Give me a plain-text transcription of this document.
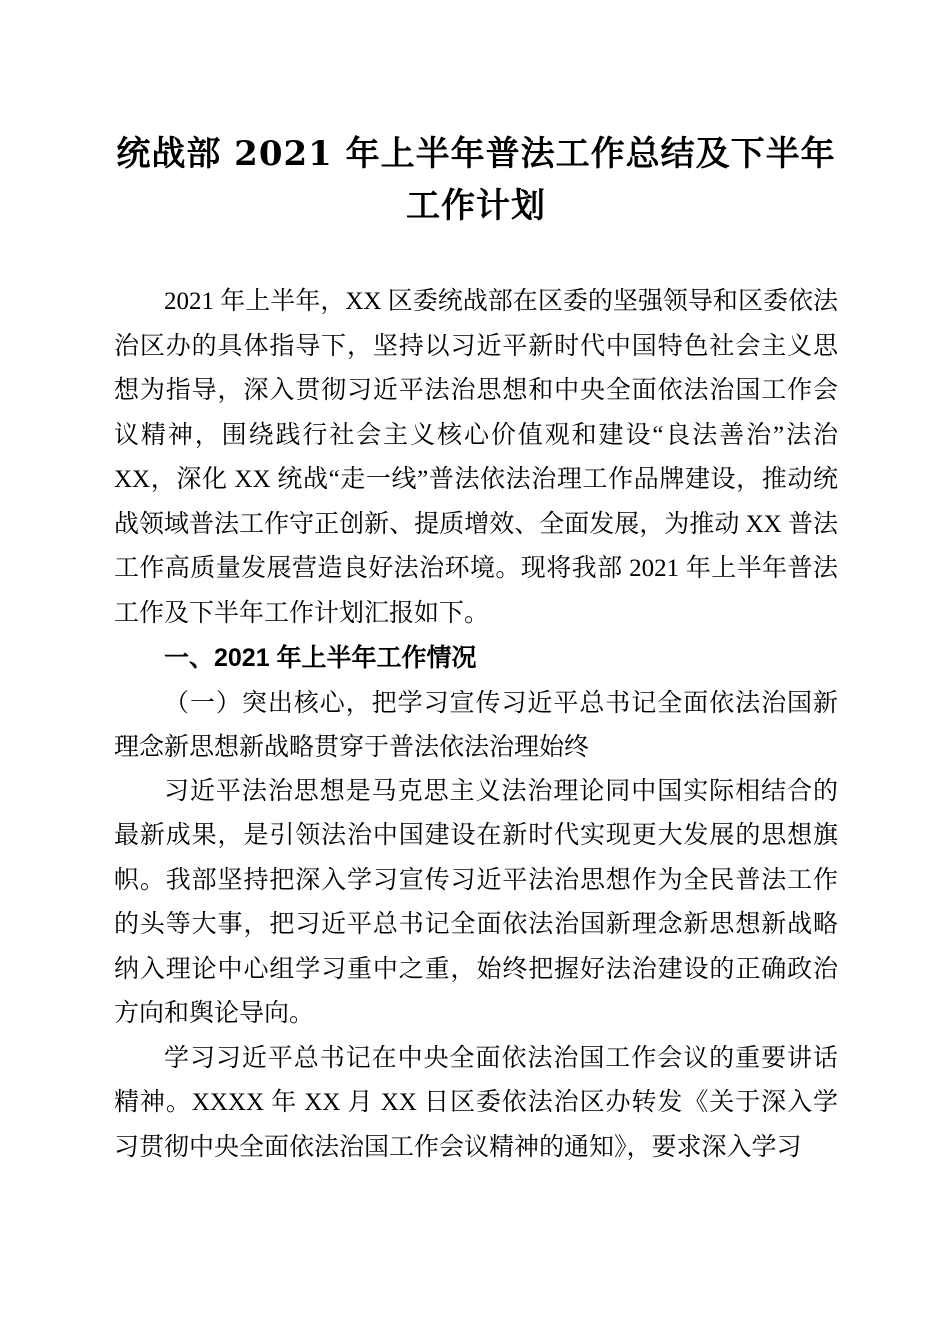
统战部 2021 年上半年普法工作总结及下半年工作计划

2021 年上半年，XX 区委统战部在区委的坚强领导和区委依法治区办的具体指导下，坚持以习近平新时代中国特色社会主义思想为指导，深入贯彻习近平法治思想和中央全面依法治国工作会议精神，围绕践行社会主义核心价值观和建设“良法善治”法治 XX，深化 XX 统战“走一线”普法依法治理工作品牌建设，推动统战领域普法工作守正创新、提质增效、全面发展，为推动 XX 普法工作高质量发展营造良好法治环境。现将我部 2021 年上半年普法工作及下半年工作计划汇报如下。

一、2021 年上半年工作情况
（一）突出核心，把学习宣传习近平总书记全面依法治国新理念新思想新战略贯穿于普法依法治理始终

习近平法治思想是马克思主义法治理论同中国实际相结合的最新成果，是引领法治中国建设在新时代实现更大发展的思想旗帜。我部坚持把深入学习宣传习近平法治思想作为全民普法工作的头等大事，把习近平总书记全面依法治国新理念新思想新战略纳入理论中心组学习重中之重，始终把握好法治建设的正确政治方向和舆论导向。

学习习近平总书记在中央全面依法治国工作会议的重要讲话精神。XXXX 年 XX 月 XX 日区委依法治区办转发《关于深入学习贯彻中央全面依法治国工作会议精神的通知》，要求深入学习
